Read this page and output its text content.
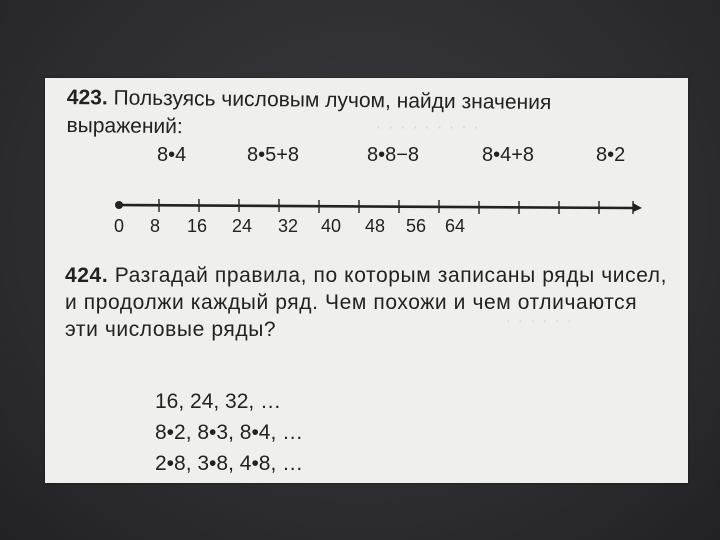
· · · · · · · · ·
· · · · · ·
423. Пользуясь числовым лучом, найди значения выражений:
8•4	8•5+8	8•8−8	8•4+8	8•2
0 8 16 24 32 40 48 56 64
424. Разгадай правила, по которым записаны ряды чисел, и продолжи каждый ряд. Чем похожи и чем отличаются эти числовые ряды?
16, 24, 32, …
8•2, 8•3, 8•4, …
2•8, 3•8, 4•8, …
